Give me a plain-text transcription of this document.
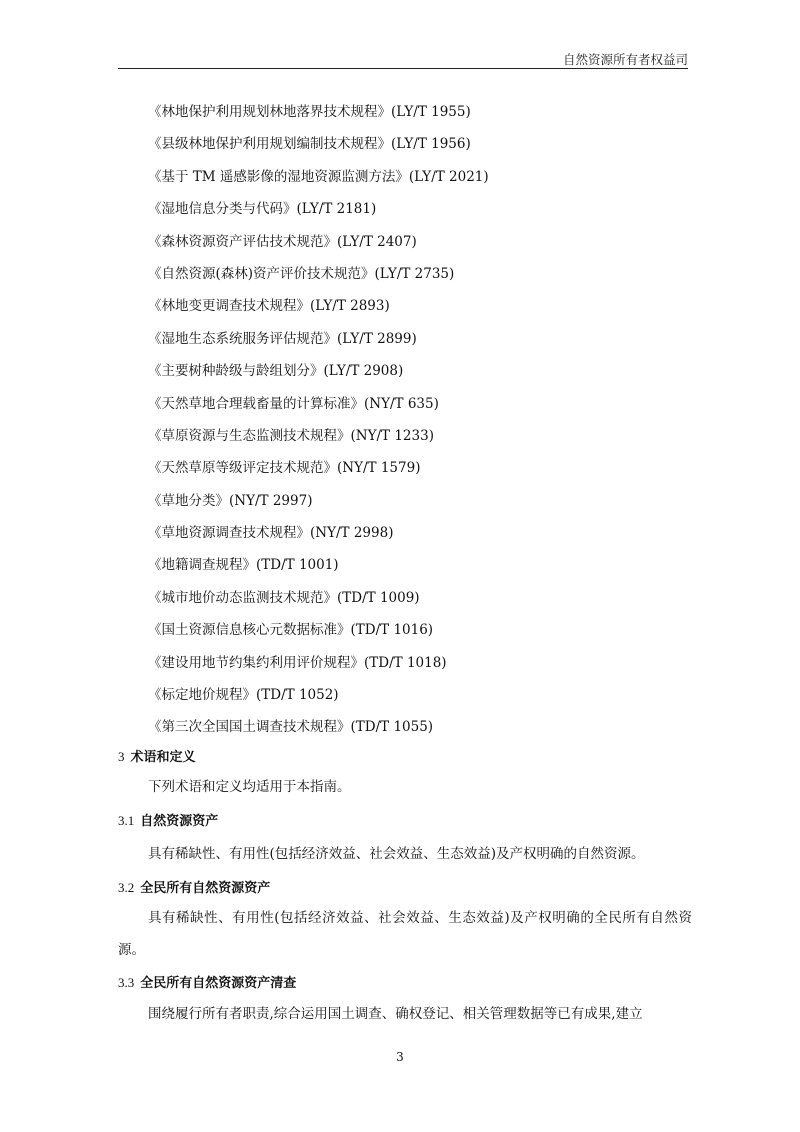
自然资源所有者权益司
《林地保护利用规划林地落界技术规程》(LY/T 1955)
《县级林地保护利用规划编制技术规程》(LY/T 1956)
《基于 TM 遥感影像的湿地资源监测方法》(LY/T 2021)
《湿地信息分类与代码》(LY/T 2181)
《森林资源资产评估技术规范》(LY/T 2407)
《自然资源(森林)资产评价技术规范》(LY/T 2735)
《林地变更调查技术规程》(LY/T 2893)
《湿地生态系统服务评估规范》(LY/T 2899)
《主要树种龄级与龄组划分》(LY/T 2908)
《天然草地合理载畜量的计算标准》(NY/T 635)
《草原资源与生态监测技术规程》(NY/T 1233)
《天然草原等级评定技术规范》(NY/T 1579)
《草地分类》(NY/T 2997)
《草地资源调查技术规程》(NY/T 2998)
《地籍调查规程》(TD/T 1001)
《城市地价动态监测技术规范》(TD/T 1009)
《国土资源信息核心元数据标准》(TD/T 1016)
《建设用地节约集约利用评价规程》(TD/T 1018)
《标定地价规程》(TD/T 1052)
《第三次全国国土调查技术规程》(TD/T 1055)
3 术语和定义
下列术语和定义均适用于本指南。
3.1 自然资源资产
具有稀缺性、有用性(包括经济效益、社会效益、生态效益)及产权明确的自然资源。
3.2 全民所有自然资源资产
具有稀缺性、有用性(包括经济效益、社会效益、生态效益)及产权明确的全民所有自然资源。
3.3 全民所有自然资源资产清查
围绕履行所有者职责,综合运用国土调查、确权登记、相关管理数据等已有成果,建立
3
